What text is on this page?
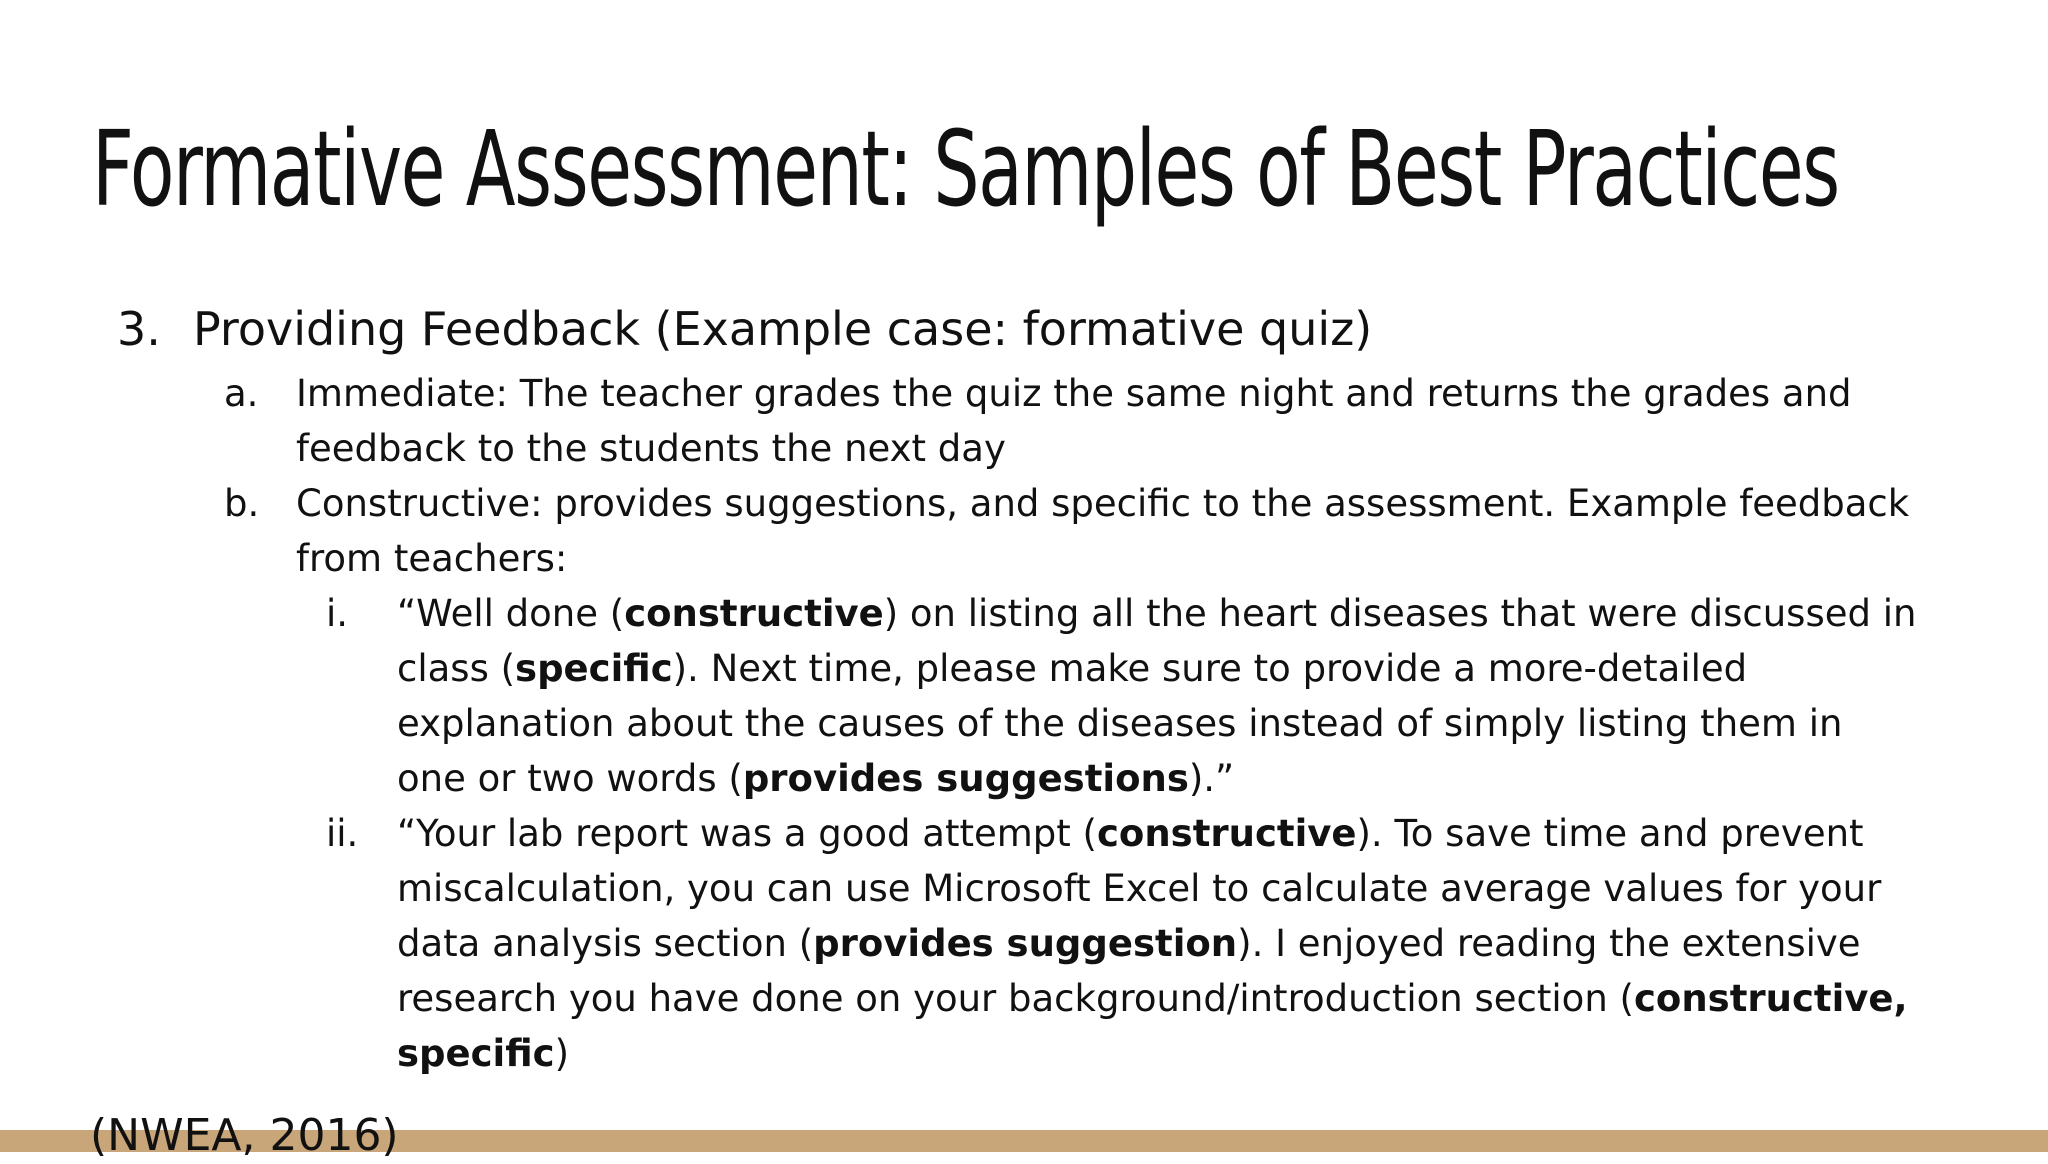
Formative Assessment: Samples of Best Practices
3. Providing Feedback (Example case: formative quiz)
a. Immediate: The teacher grades the quiz the same night and returns the grades and
feedback to the students the next day
b. Constructive: provides suggestions, and specific to the assessment. Example feedback
from teachers:
i. “Well done (constructive) on listing all the heart diseases that were discussed in
class (specific). Next time, please make sure to provide a more-detailed
explanation about the causes of the diseases instead of simply listing them in
one or two words (provides suggestions).”
ii. “Your lab report was a good attempt (constructive). To save time and prevent
miscalculation, you can use Microsoft Excel to calculate average values for your
data analysis section (provides suggestion). I enjoyed reading the extensive
research you have done on your background/introduction section (constructive,
specific)
(NWEA, 2016)
